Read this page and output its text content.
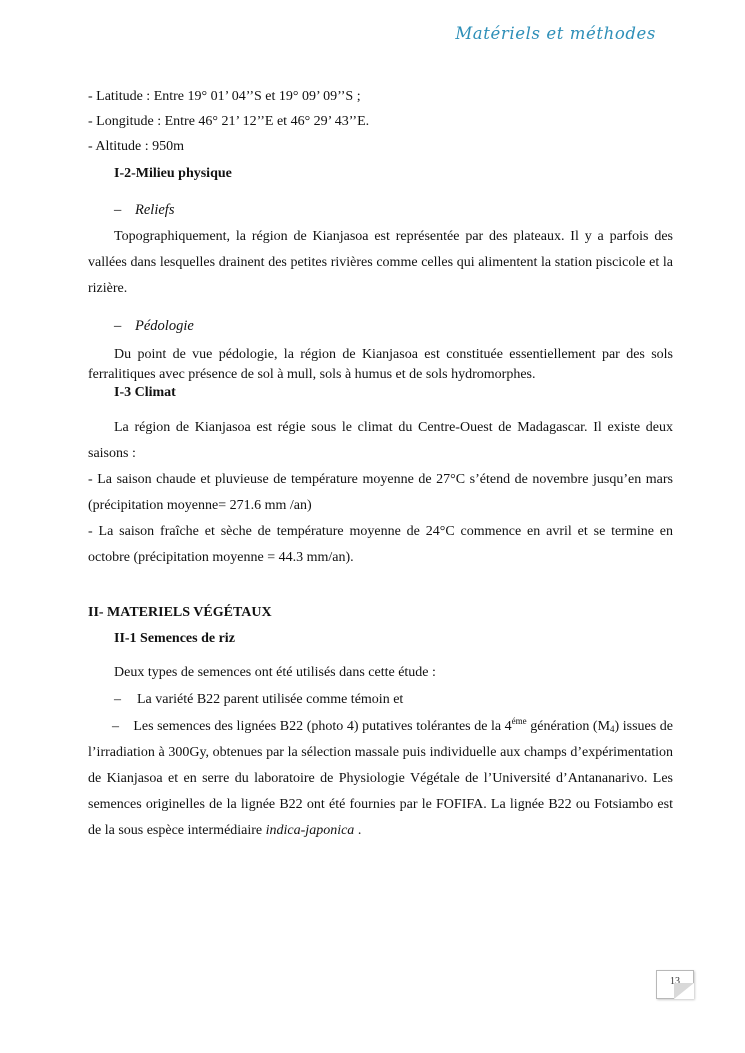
Matériels et méthodes
- Latitude : Entre 19° 01’ 04’’S et 19° 09’ 09’’S ;
- Longitude : Entre 46° 21’ 12’’E et 46° 29’ 43’’E.
- Altitude : 950m
I-2-Milieu physique
– Reliefs
Topographiquement, la région de Kianjasoa est représentée par des plateaux. Il y a parfois des vallées dans lesquelles drainent des petites rivières comme celles qui alimentent la station piscicole et la rizière.
– Pédologie
Du point de vue pédologie, la région de Kianjasoa est constituée essentiellement par des sols ferralitiques avec présence de sol à mull, sols à humus et de sols hydromorphes.
I-3 Climat
La région de Kianjasoa est régie sous le climat du Centre-Ouest de Madagascar. Il existe deux saisons :
- La saison chaude et pluvieuse de température moyenne de 27°C s’étend de novembre jusqu’en mars (précipitation moyenne= 271.6 mm /an)
- La saison fraîche et sèche de température moyenne de 24°C commence en avril et se termine en octobre (précipitation moyenne = 44.3 mm/an).
II- MATERIELS VÉGÉTAUX
II-1 Semences de riz
Deux types de semences ont été utilisés dans cette étude :
– La variété B22 parent utilisée comme témoin et
– Les semences des lignées B22 (photo 4) putatives tolérantes de la $4^{éme}$ génération $(M_4)$ issues de l’irradiation à 300Gy, obtenues par la sélection massale puis individuelle aux champs d’expérimentation de Kianjasoa et en serre du laboratoire de Physiologie Végétale de l’Université d’Antananarivo. Les semences originelles de la lignée B22 ont été fournies par le FOFIFA. La lignée B22 ou Fotsiambo est de la sous espèce intermédiaire indica-japonica .
13
